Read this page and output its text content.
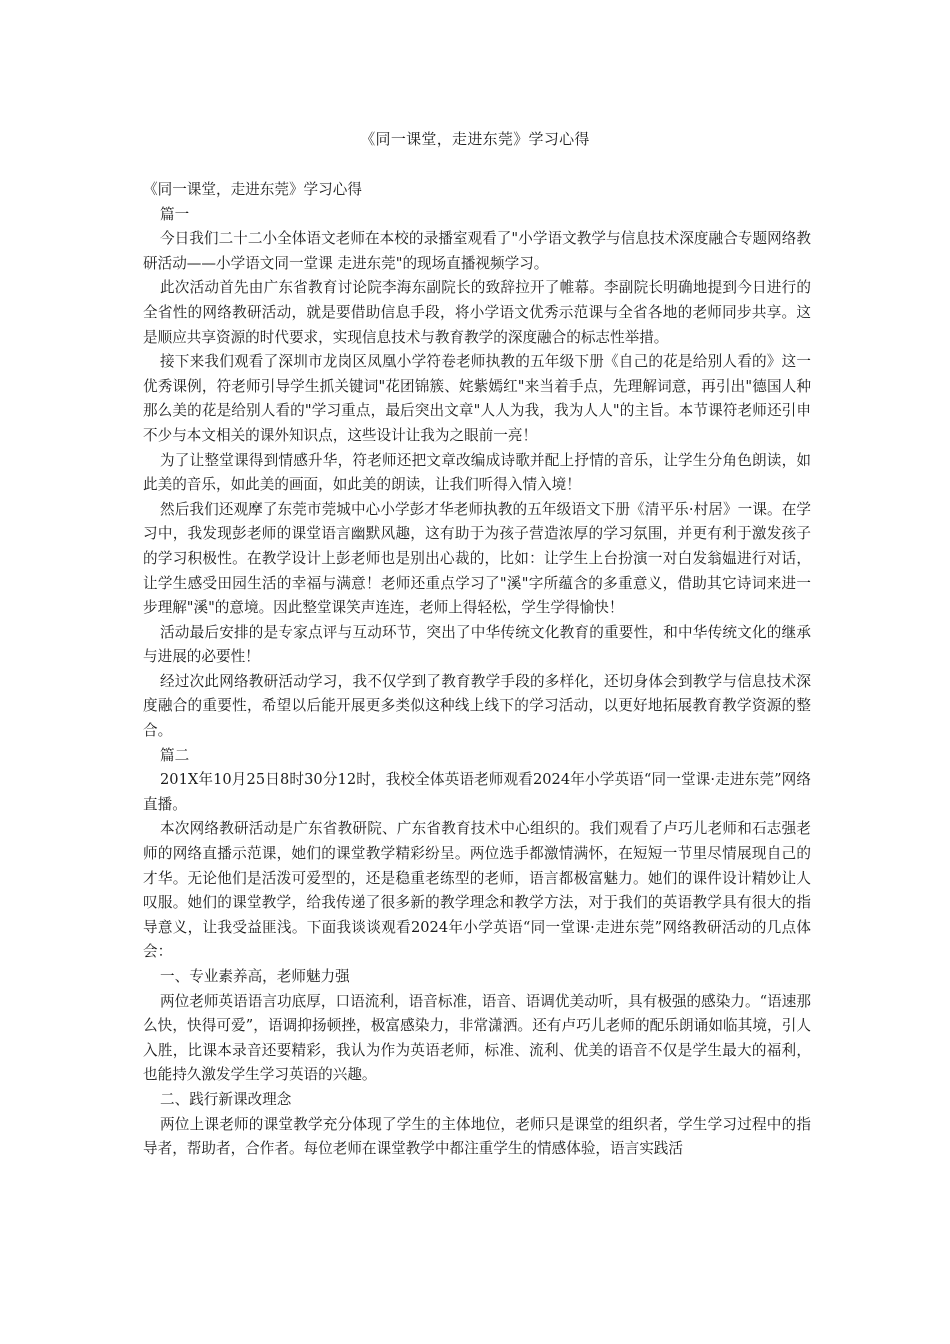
《同一课堂，走进东莞》学习心得

《同一课堂，走进东莞》学习心得

篇一

今日我们二十二小全体语文老师在本校的录播室观看了"小学语文教学与信息技术深度融合专题网络教研活动——小学语文同一堂课 走进东莞"的现场直播视频学习。

此次活动首先由广东省教育讨论院李海东副院长的致辞拉开了帷幕。李副院长明确地提到今日进行的全省性的网络教研活动，就是要借助信息手段，将小学语文优秀示范课与全省各地的老师同步共享。这是顺应共享资源的时代要求，实现信息技术与教育教学的深度融合的标志性举措。

接下来我们观看了深圳市龙岗区凤凰小学符卷老师执教的五年级下册《自己的花是给别人看的》这一优秀课例，符老师引导学生抓关键词"花团锦簇、姹紫嫣红"来当着手点，先理解词意，再引出"德国人种那么美的花是给别人看的"学习重点，最后突出文章"人人为我，我为人人"的主旨。本节课符老师还引申不少与本文相关的课外知识点，这些设计让我为之眼前一亮！

为了让整堂课得到情感升华，符老师还把文章改编成诗歌并配上抒情的音乐，让学生分角色朗读，如此美的音乐，如此美的画面，如此美的朗读，让我们听得入情入境！

然后我们还观摩了东莞市莞城中心小学彭才华老师执教的五年级语文下册《清平乐·村居》一课。在学习中，我发现彭老师的课堂语言幽默风趣，这有助于为孩子营造浓厚的学习氛围，并更有利于激发孩子的学习积极性。在教学设计上彭老师也是别出心裁的，比如：让学生上台扮演一对白发翁媪进行对话，让学生感受田园生活的幸福与满意！老师还重点学习了"溪"字所蕴含的多重意义，借助其它诗词来进一步理解"溪"的意境。因此整堂课笑声连连，老师上得轻松，学生学得愉快！

活动最后安排的是专家点评与互动环节，突出了中华传统文化教育的重要性，和中华传统文化的继承与进展的必要性！

经过次此网络教研活动学习，我不仅学到了教育教学手段的多样化，还切身体会到教学与信息技术深度融合的重要性，希望以后能开展更多类似这种线上线下的学习活动，以更好地拓展教育教学资源的整合。

篇二

201X年10月25日8时30分12时，我校全体英语老师观看2024年小学英语“同一堂课·走进东莞”网络直播。

本次网络教研活动是广东省教研院、广东省教育技术中心组织的。我们观看了卢巧儿老师和石志强老师的网络直播示范课，她们的课堂教学精彩纷呈。两位选手都激情满怀，在短短一节里尽情展现自己的才华。无论他们是活泼可爱型的，还是稳重老练型的老师，语言都极富魅力。她们的课件设计精妙让人叹服。她们的课堂教学，给我传递了很多新的教学理念和教学方法，对于我们的英语教学具有很大的指导意义，让我受益匪浅。下面我谈谈观看2024年小学英语“同一堂课·走进东莞”网络教研活动的几点体会：

一、专业素养高，老师魅力强

两位老师英语语言功底厚，口语流利，语音标准，语音、语调优美动听，具有极强的感染力。“语速那么快，快得可爱”，语调抑扬顿挫，极富感染力，非常潇洒。还有卢巧儿老师的配乐朗诵如临其境，引人入胜，比课本录音还要精彩，我认为作为英语老师，标准、流利、优美的语音不仅是学生最大的福利，也能持久激发学生学习英语的兴趣。

二、践行新课改理念

两位上课老师的课堂教学充分体现了学生的主体地位，老师只是课堂的组织者，学生学习过程中的指导者，帮助者，合作者。每位老师在课堂教学中都注重学生的情感体验，语言实践活
